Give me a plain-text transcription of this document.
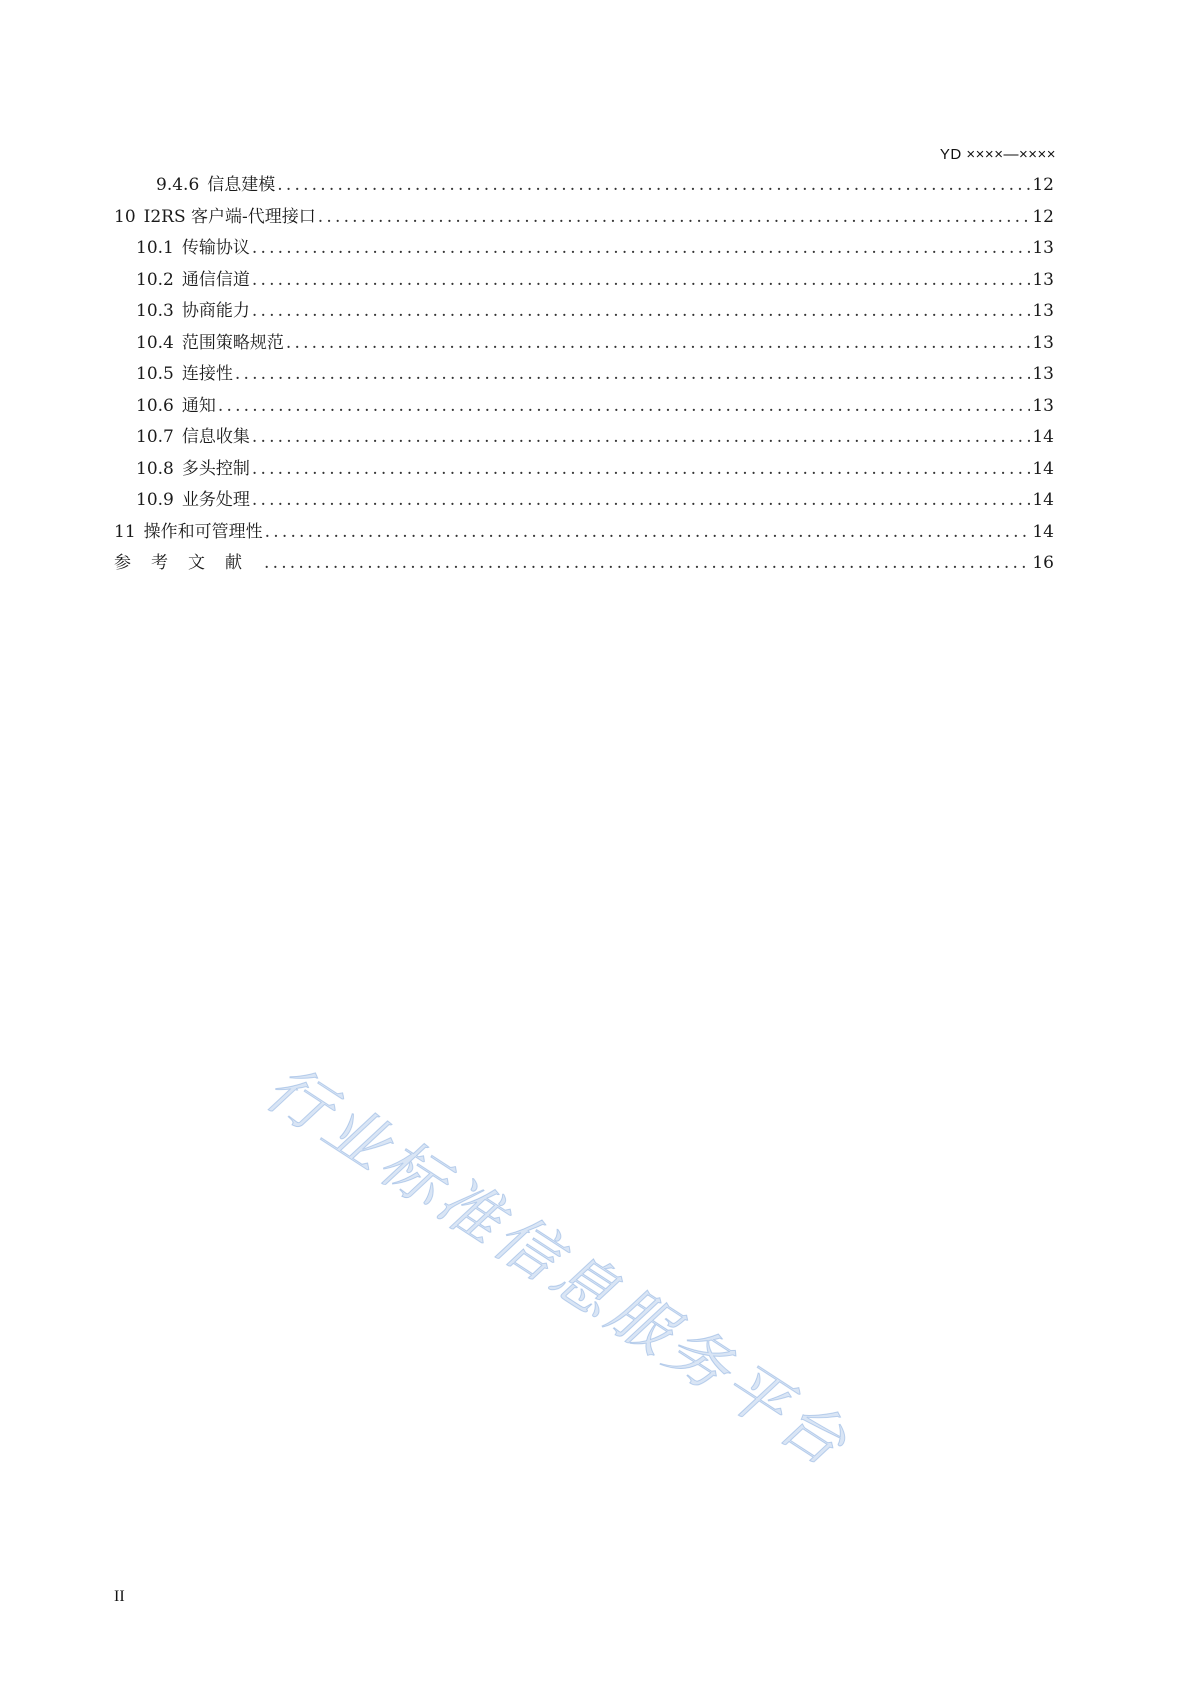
YD ××××—××××
9.4.6 信息建模 .....	12
10 I2RS 客户端-代理接口 .....	12
10.1 传输协议 .....	13
10.2 通信信道 .....	13
10.3 协商能力 .....	13
10.4 范围策略规范 .....	13
10.5 连接性 .....	13
10.6 通知 .....	13
10.7 信息收集 .....	14
10.8 多头控制 .....	14
10.9 业务处理 .....	14
11 操作和可管理性 .....	14
参考文献 .....	16
行业标准信息服务平台
II
